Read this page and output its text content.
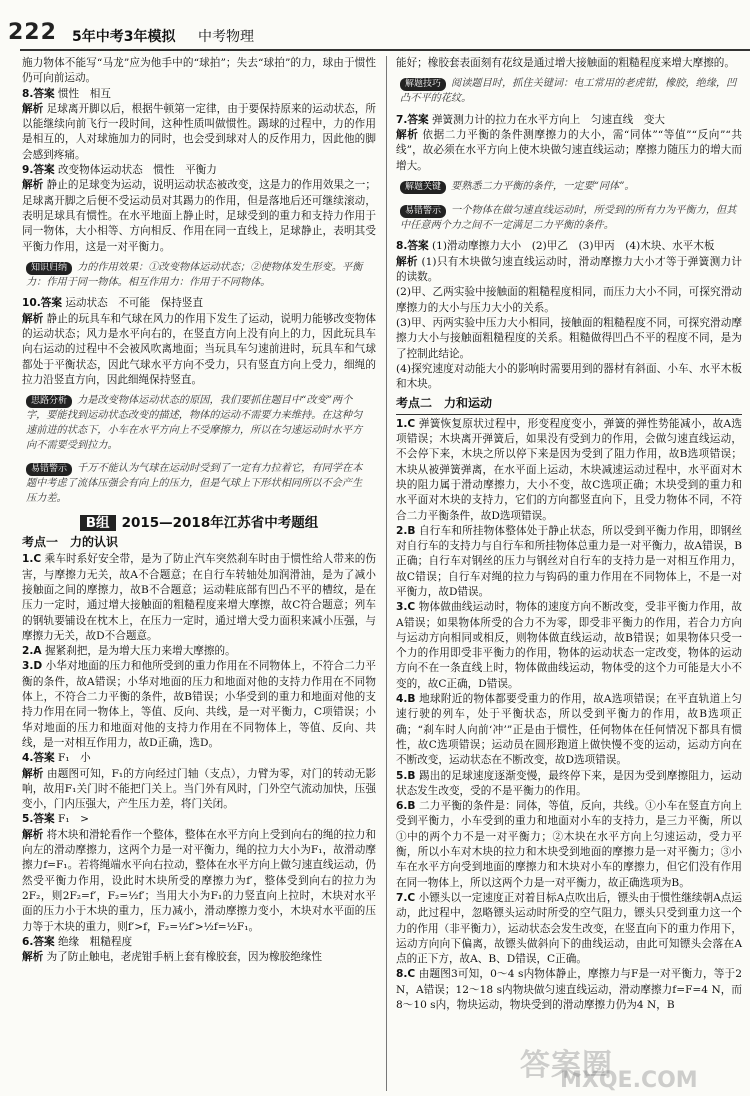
222 5年中考3年模拟 中考物理

施力物体不能写“马龙”应为他手中的“球拍”；失去“球拍”的力，球由于惯性仍可向前运动。

8.答案 惯性　相互

解析 足球离开脚以后，根据牛顿第一定律，由于要保持原来的运动状态，所以能继续向前飞行一段时间，这种性质叫做惯性。踢球的过程中，力的作用是相互的，人对球施加力的同时，也会受到球对人的反作用力，因此他的脚会感到疼痛。

9.答案 改变物体运动状态　惯性　平衡力

解析 静止的足球变为运动，说明运动状态被改变，这是力的作用效果之一；足球离开脚之后便不受运动员对其踢力的作用，但是落地后还可继续滚动，表明足球具有惯性。在水平地面上静止时，足球受到的重力和支持力作用于同一物体，大小相等、方向相反、作用在同一直线上，足球静止，表明其受平衡力作用，这是一对平衡力。

知识归纳 力的作用效果：①改变物体运动状态；②使物体发生形变。平衡力：作用于同一物体。相互作用力：作用于不同物体。

10.答案 运动状态　不可能　保持竖直

解析 静止的玩具车和气球在风力的作用下发生了运动，说明力能够改变物体的运动状态；风力是水平向右的，在竖直方向上没有向上的力，因此玩具车向右运动的过程中不会被风吹离地面；当玩具车匀速前进时，玩具车和气球都处于平衡状态，因此气球水平方向不受力，只有竖直方向上受力，细绳的拉力沿竖直方向，因此细绳保持竖直。

思路分析 力是改变物体运动状态的原因，我们要抓住题目中“改变”两个字，要能找到运动状态改变的描述，物体的运动不需要力来维持。在这种匀速前进的状态下，小车在水平方向上不受摩擦力，所以在匀速运动时水平方向不需要受到拉力。
易错警示 千万不能认为气球在运动时受到了一定有力拉着它，有同学在本题中考虑了流体压强会有向上的压力，但是气球上下形状相同所以不会产生压力差。
B组 2015—2018年江苏省中考题组
考点一　力的认识

1.C 乘车时系好安全带，是为了防止汽车突然刹车时由于惯性给人带来的伤害，与摩擦力无关，故A不合题意；在自行车转轴处加润滑油，是为了减小接触面之间的摩擦力，故B不合题意；运动鞋底部有凹凸不平的槽纹，是在压力一定时，通过增大接触面的粗糙程度来增大摩擦，故C符合题意；列车的钢轨要铺设在枕木上，在压力一定时，通过增大受力面积来减小压强，与摩擦力无关，故D不合题意。

2.A 握紧刹把，是为增大压力来增大摩擦的。

3.D 小华对地面的压力和他所受到的重力作用在不同物体上，不符合二力平衡的条件，故A错误；小华对地面的压力和地面对他的支持力作用在不同物体上，不符合二力平衡的条件，故B错误；小华受到的重力和地面对他的支持力作用在同一物体上，等值、反向、共线，是一对平衡力，C项错误；小华对地面的压力和地面对他的支持力作用在不同物体上，等值、反向、共线，是一对相互作用力，故D正确，选D。

4.答案 F₁　小

解析 由题图可知，F₁的方向经过门轴（支点），力臂为零，对门的转动无影响，故用F₁关门时不能把门关上。当门外有风时，门外空气流动加快，压强变小，门内压强大，产生压力差，将门关闭。

5.答案 F₁　>

解析 将木块和滑轮看作一个整体，整体在水平方向上受到向右的绳的拉力和向左的滑动摩擦力，这两个力是一对平衡力，绳的拉力大小为F₁，故滑动摩擦力f=F₁。若将绳端水平向右拉动，整体在水平方向上做匀速直线运动，仍然受平衡力作用，设此时木块所受的摩擦力为f′，整体受到向右的拉力为2F₂，则2F₂=f′，F₂=½f′；当用大小为F₁的力竖直向上拉时，木块对水平面的压力小于木块的重力，压力减小，滑动摩擦力变小，木块对水平面的压力等于木块的重力，则f′>f，F₂=½f′>½f=½F₁。

6.答案 绝缘　粗糙程度

解析 为了防止触电，老虎钳手柄上套有橡胶套，因为橡胶绝缘性

能好；橡胶套表面刻有花纹是通过增大接触面的粗糙程度来增大摩擦的。

解题技巧 阅读题目时，抓住关键词：电工常用的老虎钳，橡胶，绝缘，凹凸不平的花纹。

7.答案 弹簧测力计的拉力在水平方向上　匀速直线　变大

解析 依据二力平衡的条件测摩擦力的大小，需“同体”“等值”“反向”“共线”，故必须在水平方向上使木块做匀速直线运动；摩擦力随压力的增大而增大。

解题关键 要熟悉二力平衡的条件，一定要“同体”。
易错警示 一个物体在做匀速直线运动时，所受到的所有力为平衡力，但其中任意两个力之间不一定满足二力平衡的条件。

8.答案 (1)滑动摩擦力大小　(2)甲乙　(3)甲丙　(4)木块、水平木板

解析 (1)只有木块做匀速直线运动时，滑动摩擦力大小才等于弹簧测力计的读数。

(2)甲、乙两实验中接触面的粗糙程度相同，而压力大小不同，可探究滑动摩擦力的大小与压力大小的关系。

(3)甲、丙两实验中压力大小相同，接触面的粗糙程度不同，可探究滑动摩擦力大小与接触面粗糙程度的关系。粗糙做得凹凸不平的程度不同，是为了控制此结论。

(4)探究速度对动能大小的影响时需要用到的器材有斜面、小车、水平木板和木块。

考点二　力和运动

1.C 弹簧恢复原状过程中，形变程度变小，弹簧的弹性势能减小，故A选项错误；木块离开弹簧后，如果没有受到力的作用，会做匀速直线运动，不会停下来，木块之所以停下来是因为受到了阻力作用，故B选项错误；木块从被弹簧弹离，在水平面上运动，木块减速运动过程中，水平面对木块的阻力属于滑动摩擦力，大小不变，故C选项正确；木块受到的重力和水平面对木块的支持力，它们的方向都竖直向下，且受力物体不同，不符合二力平衡条件，故D选项错误。

2.B 自行车和所挂物体整体处于静止状态，所以受到平衡力作用，即钢丝对自行车的支持力与自行车和所挂物体总重力是一对平衡力，故A错误，B正确；自行车对钢丝的压力与钢丝对自行车的支持力是一对相互作用力，故C错误；自行车对绳的拉力与钩码的重力作用在不同物体上，不是一对平衡力，故D错误。

3.C 物体做曲线运动时，物体的速度方向不断改变，受非平衡力作用，故A错误；如果物体所受的合力不为零，即受非平衡力的作用，若合力方向与运动方向相同或相反，则物体做直线运动，故B错误；如果物体只受一个力的作用即受非平衡力的作用，物体的运动状态一定改变，物体的运动方向不在一条直线上时，物体做曲线运动，物体受的这个力可能是大小不变的，故C正确，D错误。

4.B 地球附近的物体都要受重力的作用，故A选项错误；在平直轨道上匀速行驶的列车，处于平衡状态，所以受到平衡力的作用，故B选项正确；“刹车时人向前‘冲’”正是由于惯性，任何物体在任何情况下都具有惯性，故C选项错误；运动员在圆形跑道上做快慢不变的运动，运动方向在不断改变，运动状态在不断改变，故D选项错误。

5.B 踢出的足球速度逐渐变慢，最终停下来，是因为受到摩擦阻力，运动状态发生改变，受的不是平衡力的作用。

6.B 二力平衡的条件是：同体，等值，反向，共线。①小车在竖直方向上受到平衡力，小车受到的重力和地面对小车的支持力，是三力平衡，所以①中的两个力不是一对平衡力；②木块在水平方向上匀速运动，受力平衡，所以小车对木块的拉力和木块受到地面的摩擦力是一对平衡力；③小车在水平方向受到地面的摩擦力和木块对小车的摩擦力，但它们没有作用在同一物体上，所以这两个力是一对平衡力，故正确选项为B。

7.C 小镖头以一定速度正对着目标A点吹出后，镖头由于惯性继续朝A点运动，此过程中，忽略镖头运动时所受的空气阻力，镖头只受到重力这一个力的作用（非平衡力），运动状态会发生改变，在竖直向下的重力作用下，运动方向向下偏离，故镖头做斜向下的曲线运动，由此可知镖头会落在A点的正下方，故A、B、D错误，C正确。

8.C 由题图3可知，0～4 s内物体静止，摩擦力与F是一对平衡力，等于2 N，A错误；12～18 s内物块做匀速直线运动，滑动摩擦力f=F=4 N，而8～10 s内，物块运动，物块受到的滑动摩擦力仍为4 N，B

答案圈
MXQE.COM
